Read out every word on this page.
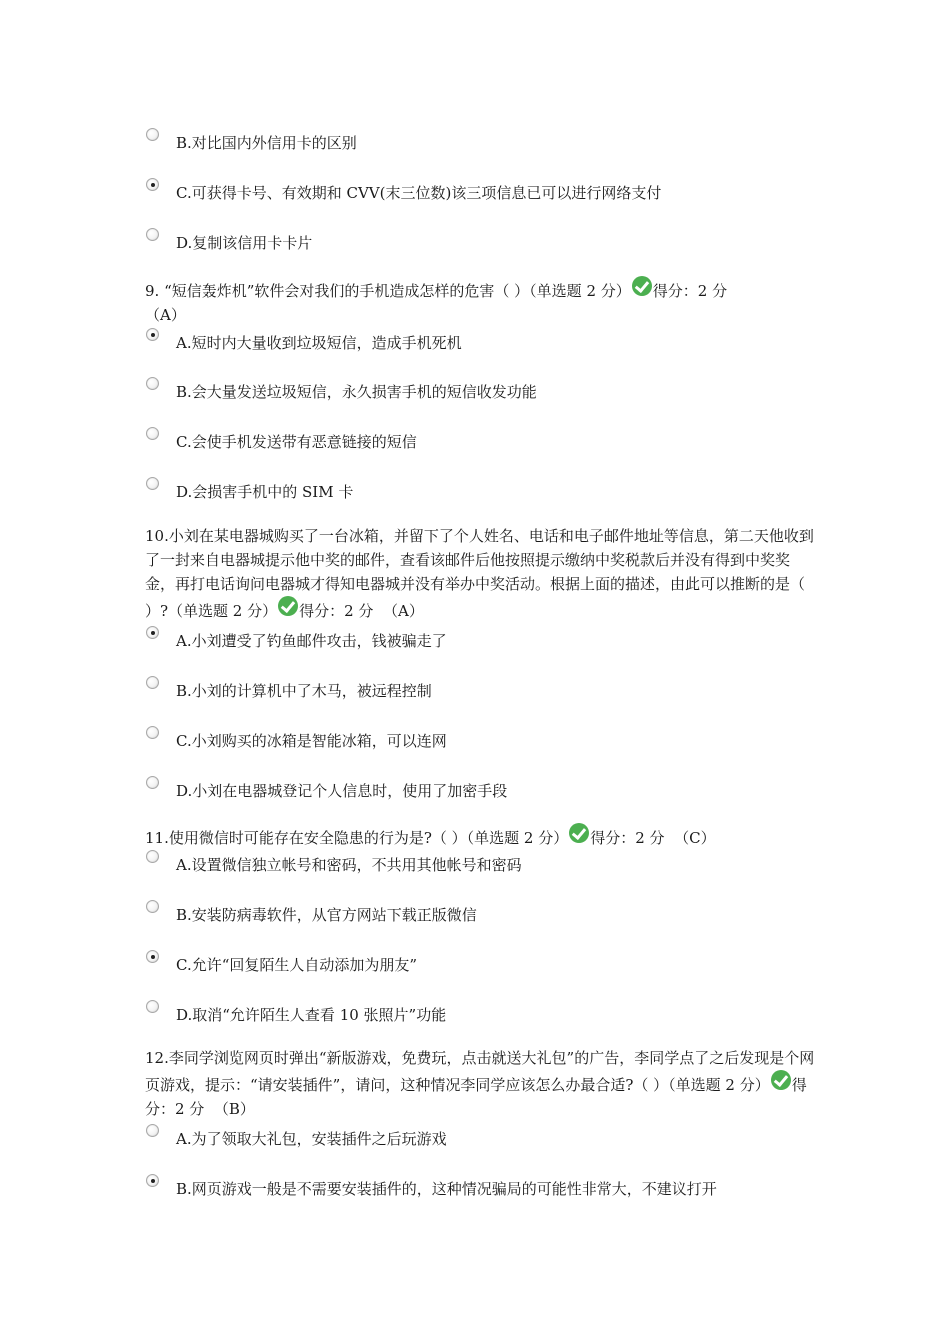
B.对比国内外信用卡的区别
C.可获得卡号、有效期和 CVV(末三位数)该三项信息已可以进行网络支付
D.复制该信用卡卡片
9. “短信轰炸机”软件会对我们的手机造成怎样的危害（ ）（单选题 2 分） 得分：2 分
（A）
A.短时内大量收到垃圾短信，造成手机死机
B.会大量发送垃圾短信，永久损害手机的短信收发功能
C.会使手机发送带有恶意链接的短信
D.会损害手机中的 SIM 卡
10.小刘在某电器城购买了一台冰箱，并留下了个人姓名、电话和电子邮件地址等信息，第二天他收到了一封来自电器城提示他中奖的邮件，查看该邮件后他按照提示缴纳中奖税款后并没有得到中奖奖金，再打电话询问电器城才得知电器城并没有举办中奖活动。根据上面的描述，由此可以推断的是（ ）?（单选题 2 分） 得分：2 分 （A）
A.小刘遭受了钓鱼邮件攻击，钱被骗走了
B.小刘的计算机中了木马，被远程控制
C.小刘购买的冰箱是智能冰箱，可以连网
D.小刘在电器城登记个人信息时，使用了加密手段
11.使用微信时可能存在安全隐患的行为是?（ ）（单选题 2 分） 得分：2 分 （C）
A.设置微信独立帐号和密码，不共用其他帐号和密码
B.安装防病毒软件，从官方网站下载正版微信
C.允许“回复陌生人自动添加为朋友”
D.取消“允许陌生人查看 10 张照片”功能
12.李同学浏览网页时弹出“新版游戏，免费玩，点击就送大礼包”的广告，李同学点了之后发现是个网页游戏，提示：“请安装插件”，请问，这种情况李同学应该怎么办最合适?（ ）（单选题 2 分） 得分：2 分 （B）
A.为了领取大礼包，安装插件之后玩游戏
B.网页游戏一般是不需要安装插件的，这种情况骗局的可能性非常大，不建议打开
